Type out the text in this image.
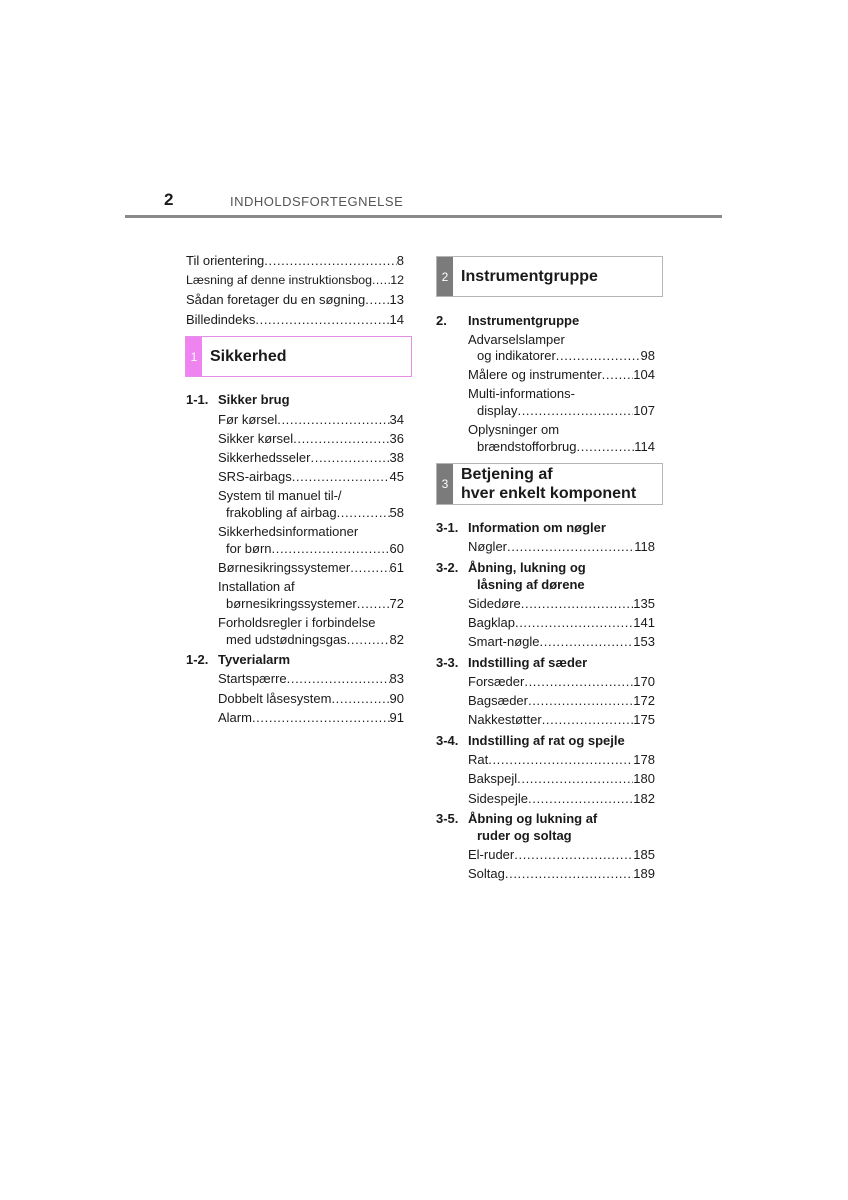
2	INDHOLDSFORTEGNELSE
Til orientering . . .	8
Læsning af denne instruktionsbog . . . 12
Sådan foretager du en søgning . . . 13
Billedindeks . . .	14
1 Sikkerhed
1-1. Sikker brug
Før kørsel . . .	34
Sikker kørsel . . .	36
Sikkerhedsseler . . .	38
SRS-airbags . . .	45
System til manuel til-/
frakobling af airbag . . .	58
Sikkerhedsinformationer
for børn . . .	60
Børnesikringssystemer . . .	61
Installation af
børnesikringssystemer . . .	72
Forholdsregler i forbindelse
med udstødningsgas . . .	82
1-2. Tyverialarm
Startspærre . . .	83
Dobbelt låsesystem . . .	90
Alarm . . .	91
2 Instrumentgruppe
2. Instrumentgruppe
Advarselslamper
og indikatorer . . .	98
Målere og instrumenter . . . 104
Multi-informations-
display . . .	107
Oplysninger om
brændstofforbrug . . .	114
3
Betjening af
hver enkelt komponent
3-1. Information om nøgler
Nøgler . . .	118
3-2. Åbning, lukning og
låsning af dørene
Sidedøre . . .	135
Bagklap . . .	141
Smart-nøgle . . .	153
3-3. Indstilling af sæder
Forsæder . . .	170
Bagsæder . . .	172
Nakkestøtter . . .	175
3-4. Indstilling af rat og spejle
Rat . . .	178
Bakspejl . . .	180
Sidespejle . . .	182
3-5. Åbning og lukning af
ruder og soltag
El-ruder . . .	185
Soltag . . .	189
